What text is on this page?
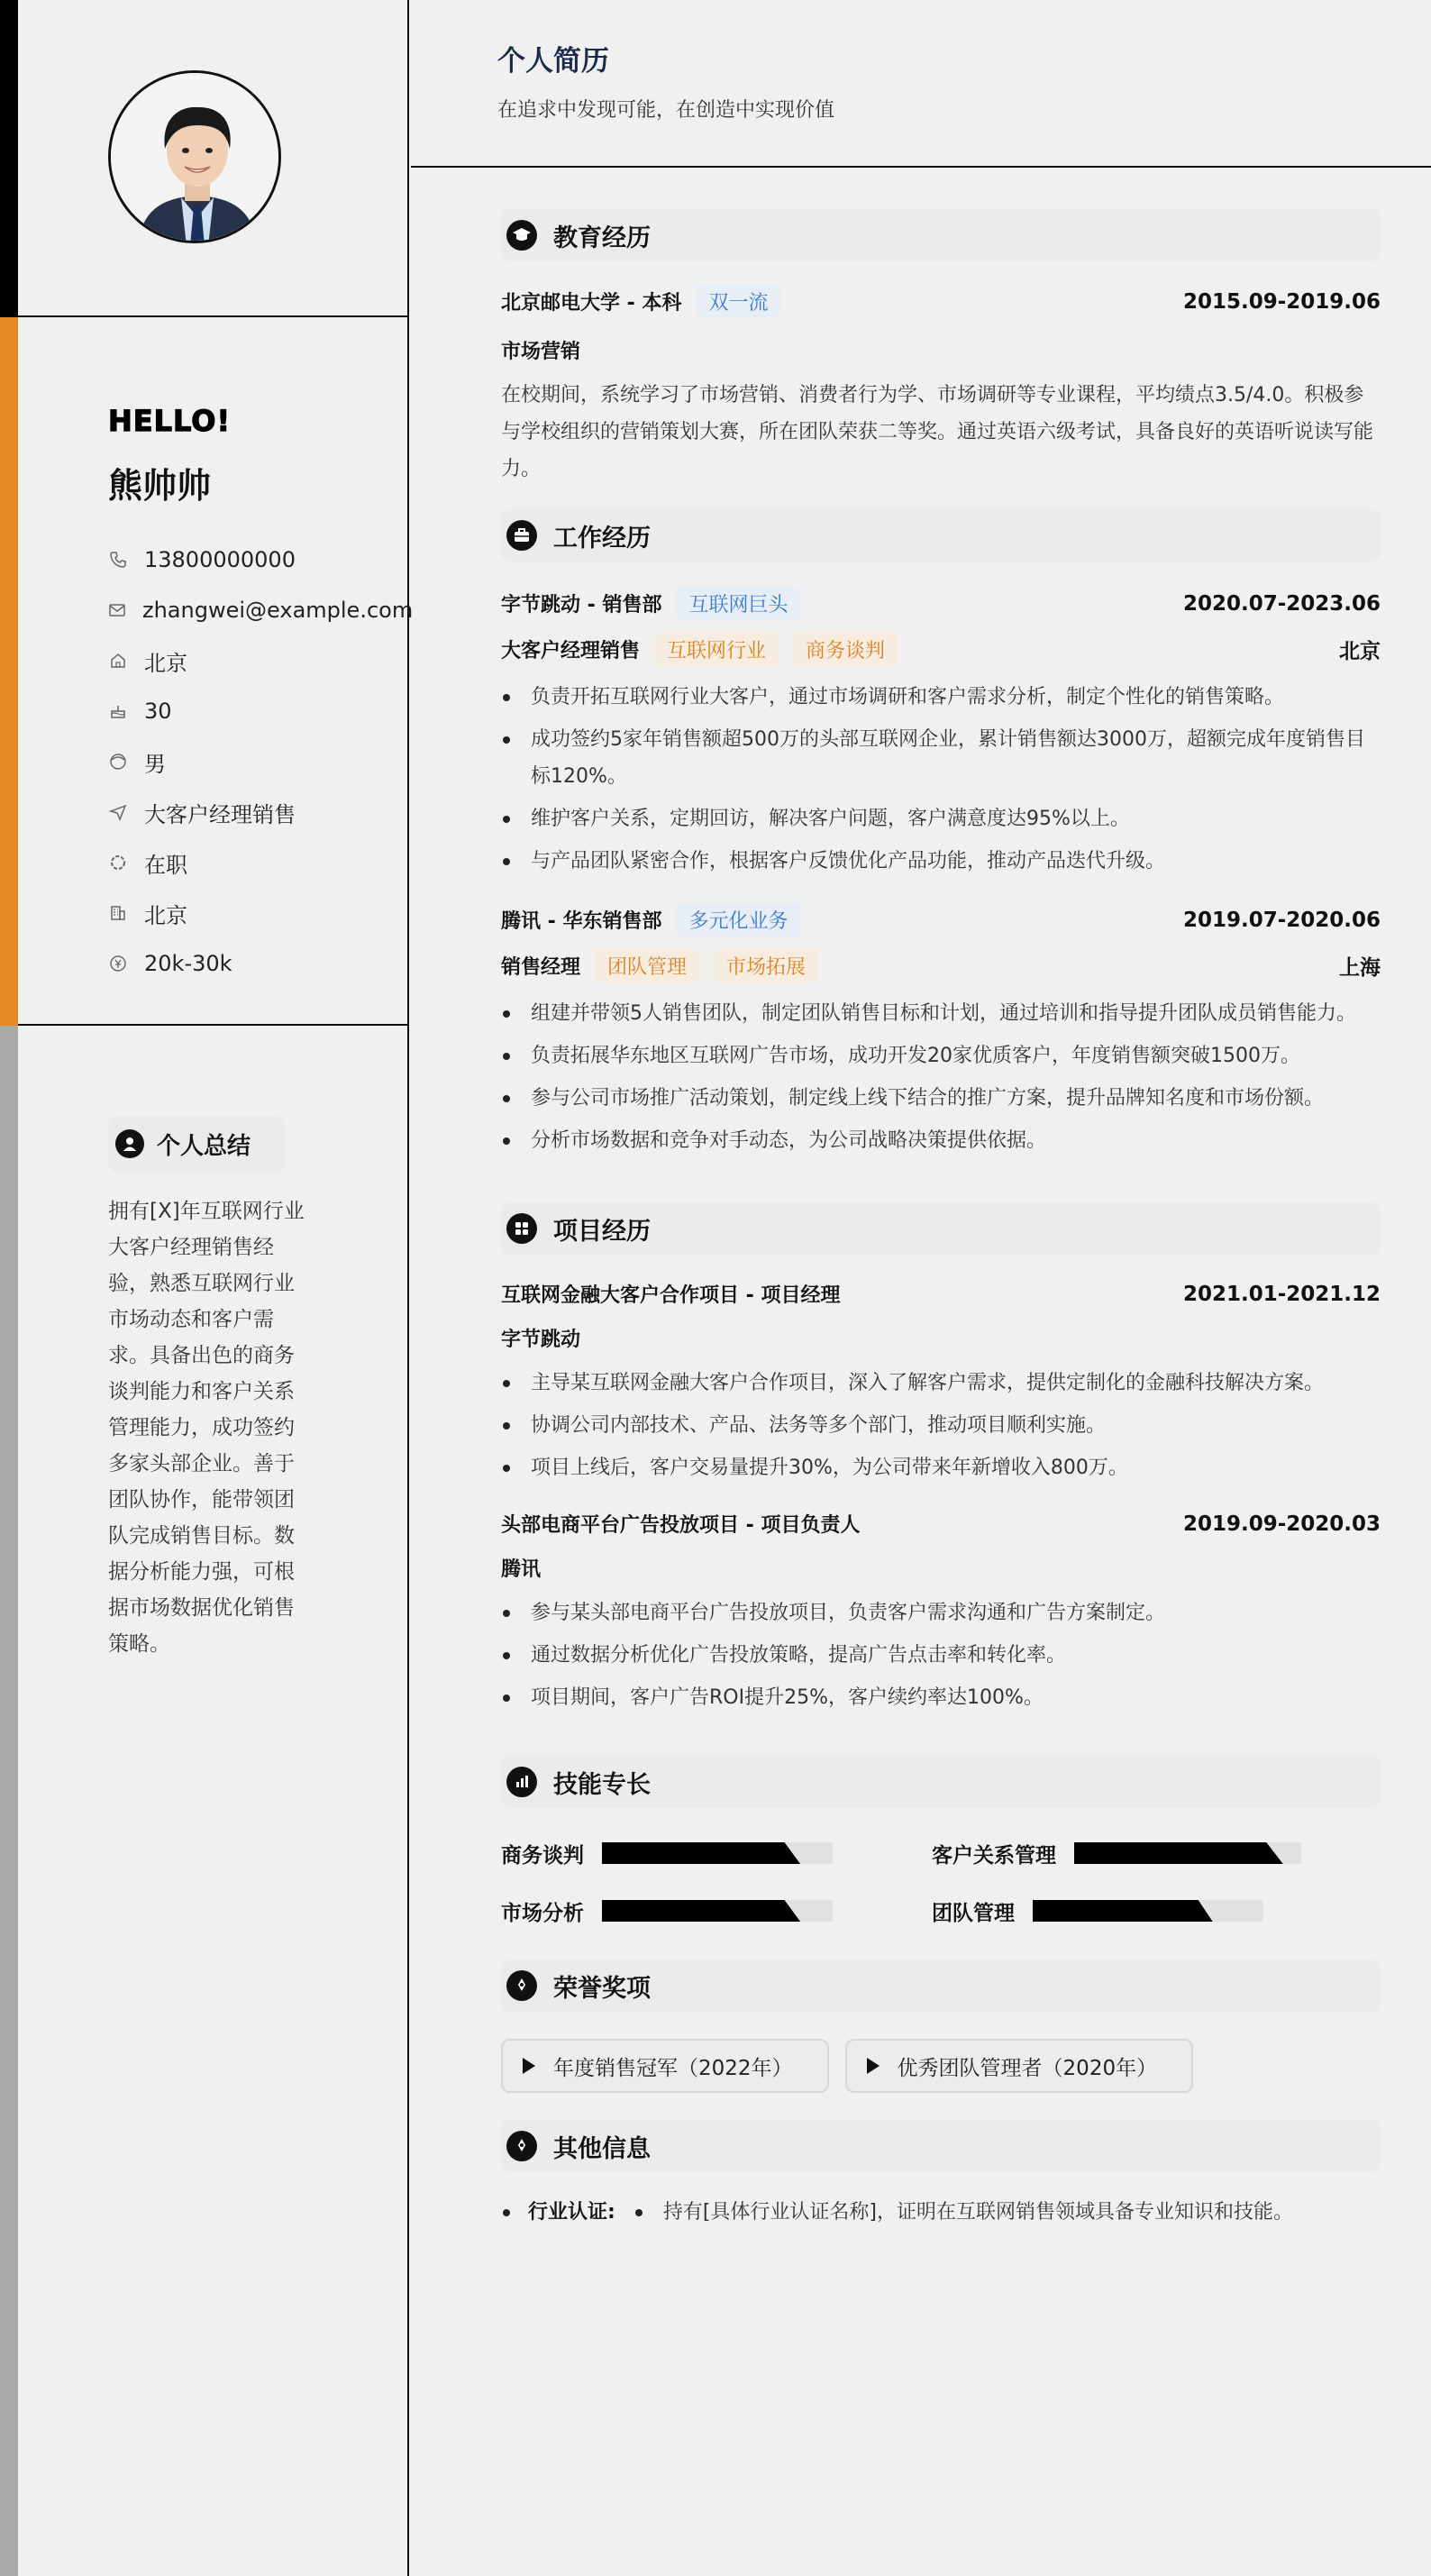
HELLO!
熊帅帅
13800000000
zhangwei@example.com
北京
30
男
大客户经理销售
在职
北京
20k-30k
个人总结
拥有[X]年互联网行业大客户经理销售经验，熟悉互联网行业市场动态和客户需求。具备出色的商务谈判能力和客户关系管理能力，成功签约多家头部企业。善于团队协作，能带领团队完成销售目标。数据分析能力强，可根据市场数据优化销售策略。
个人简历
在追求中发现可能，在创造中实现价值
教育经历
北京邮电大学 - 本科	双一流	2015.09-2019.06
市场营销
在校期间，系统学习了市场营销、消费者行为学、市场调研等专业课程，平均绩点3.5/4.0。积极参与学校组织的营销策划大赛，所在团队荣获二等奖。通过英语六级考试，具备良好的英语听说读写能力。
工作经历
字节跳动 - 销售部	互联网巨头	2020.07-2023.06
大客户经理销售	互联网行业	商务谈判	北京
负责开拓互联网行业大客户，通过市场调研和客户需求分析，制定个性化的销售策略。
成功签约5家年销售额超500万的头部互联网企业，累计销售额达3000万，超额完成年度销售目标120%。
维护客户关系，定期回访，解决客户问题，客户满意度达95%以上。
与产品团队紧密合作，根据客户反馈优化产品功能，推动产品迭代升级。
腾讯 - 华东销售部	多元化业务	2019.07-2020.06
销售经理	团队管理	市场拓展	上海
组建并带领5人销售团队，制定团队销售目标和计划，通过培训和指导提升团队成员销售能力。
负责拓展华东地区互联网广告市场，成功开发20家优质客户，年度销售额突破1500万。
参与公司市场推广活动策划，制定线上线下结合的推广方案，提升品牌知名度和市场份额。
分析市场数据和竞争对手动态，为公司战略决策提供依据。
项目经历
互联网金融大客户合作项目 - 项目经理	2021.01-2021.12
字节跳动
主导某互联网金融大客户合作项目，深入了解客户需求，提供定制化的金融科技解决方案。
协调公司内部技术、产品、法务等多个部门，推动项目顺利实施。
项目上线后，客户交易量提升30%，为公司带来年新增收入800万。
头部电商平台广告投放项目 - 项目负责人	2019.09-2020.03
腾讯
参与某头部电商平台广告投放项目，负责客户需求沟通和广告方案制定。
通过数据分析优化广告投放策略，提高广告点击率和转化率。
项目期间，客户广告ROI提升25%，客户续约率达100%。
技能专长
商务谈判	客户关系管理
市场分析	团队管理
荣誉奖项
年度销售冠军（2022年）	优秀团队管理者（2020年）
其他信息
行业认证:	持有[具体行业认证名称]，证明在互联网销售领域具备专业知识和技能。
